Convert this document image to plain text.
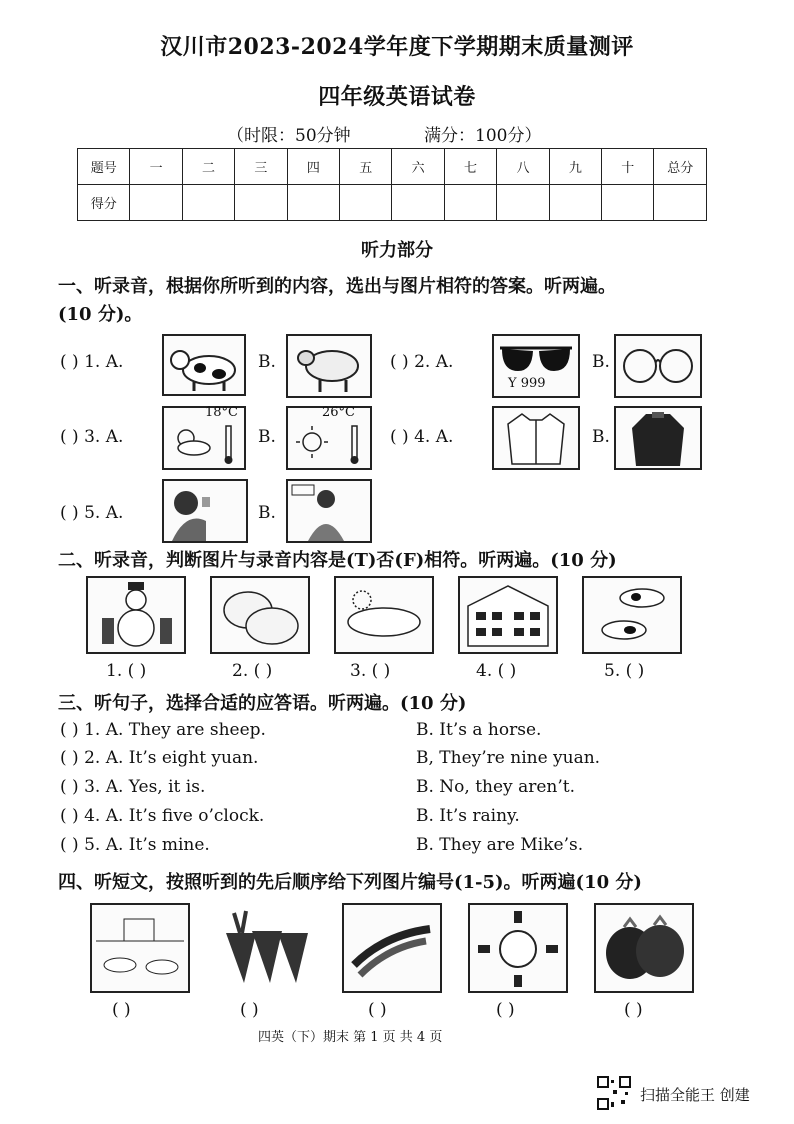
汉川市2023-2024学年度下学期期末质量测评
四年级英语试卷
（时限：50分钟	满分：100分）
题号	一	二	三	四	五	六	七	八	九	十	总分
得分											
听力部分
一、听录音，根据你所听到的内容，选出与图片相符的答案。听两遍。
(10 分)。
( ) 1. A.	B.	( ) 2. A.
Y 999
B.
( ) 3. A.
18°C
B.
26°C
( ) 4. A.	B.
( ) 5. A.	B.
二、听录音，判断图片与录音内容是(T)否(F)相符。听两遍。(10 分)
1. ( )	2. ( )	3. ( )	4. ( )	5. ( )
三、听句子，选择合适的应答语。听两遍。(10 分)
( ) 1. A. They are sheep.	B. It’s a horse.
( ) 2. A. It’s eight yuan.	B, They’re nine yuan.
( ) 3. A. Yes, it is.	B. No, they aren’t.
( ) 4. A. It’s five o’clock.	B. It’s rainy.
( ) 5. A. It’s mine.	B. They are Mike’s.
四、听短文，按照听到的先后顺序给下列图片编号(1-5)。听两遍(10 分)
( )	( )	( )	( )	( )
四英（下）期末 第 1 页 共 4 页
扫描全能王 创建
